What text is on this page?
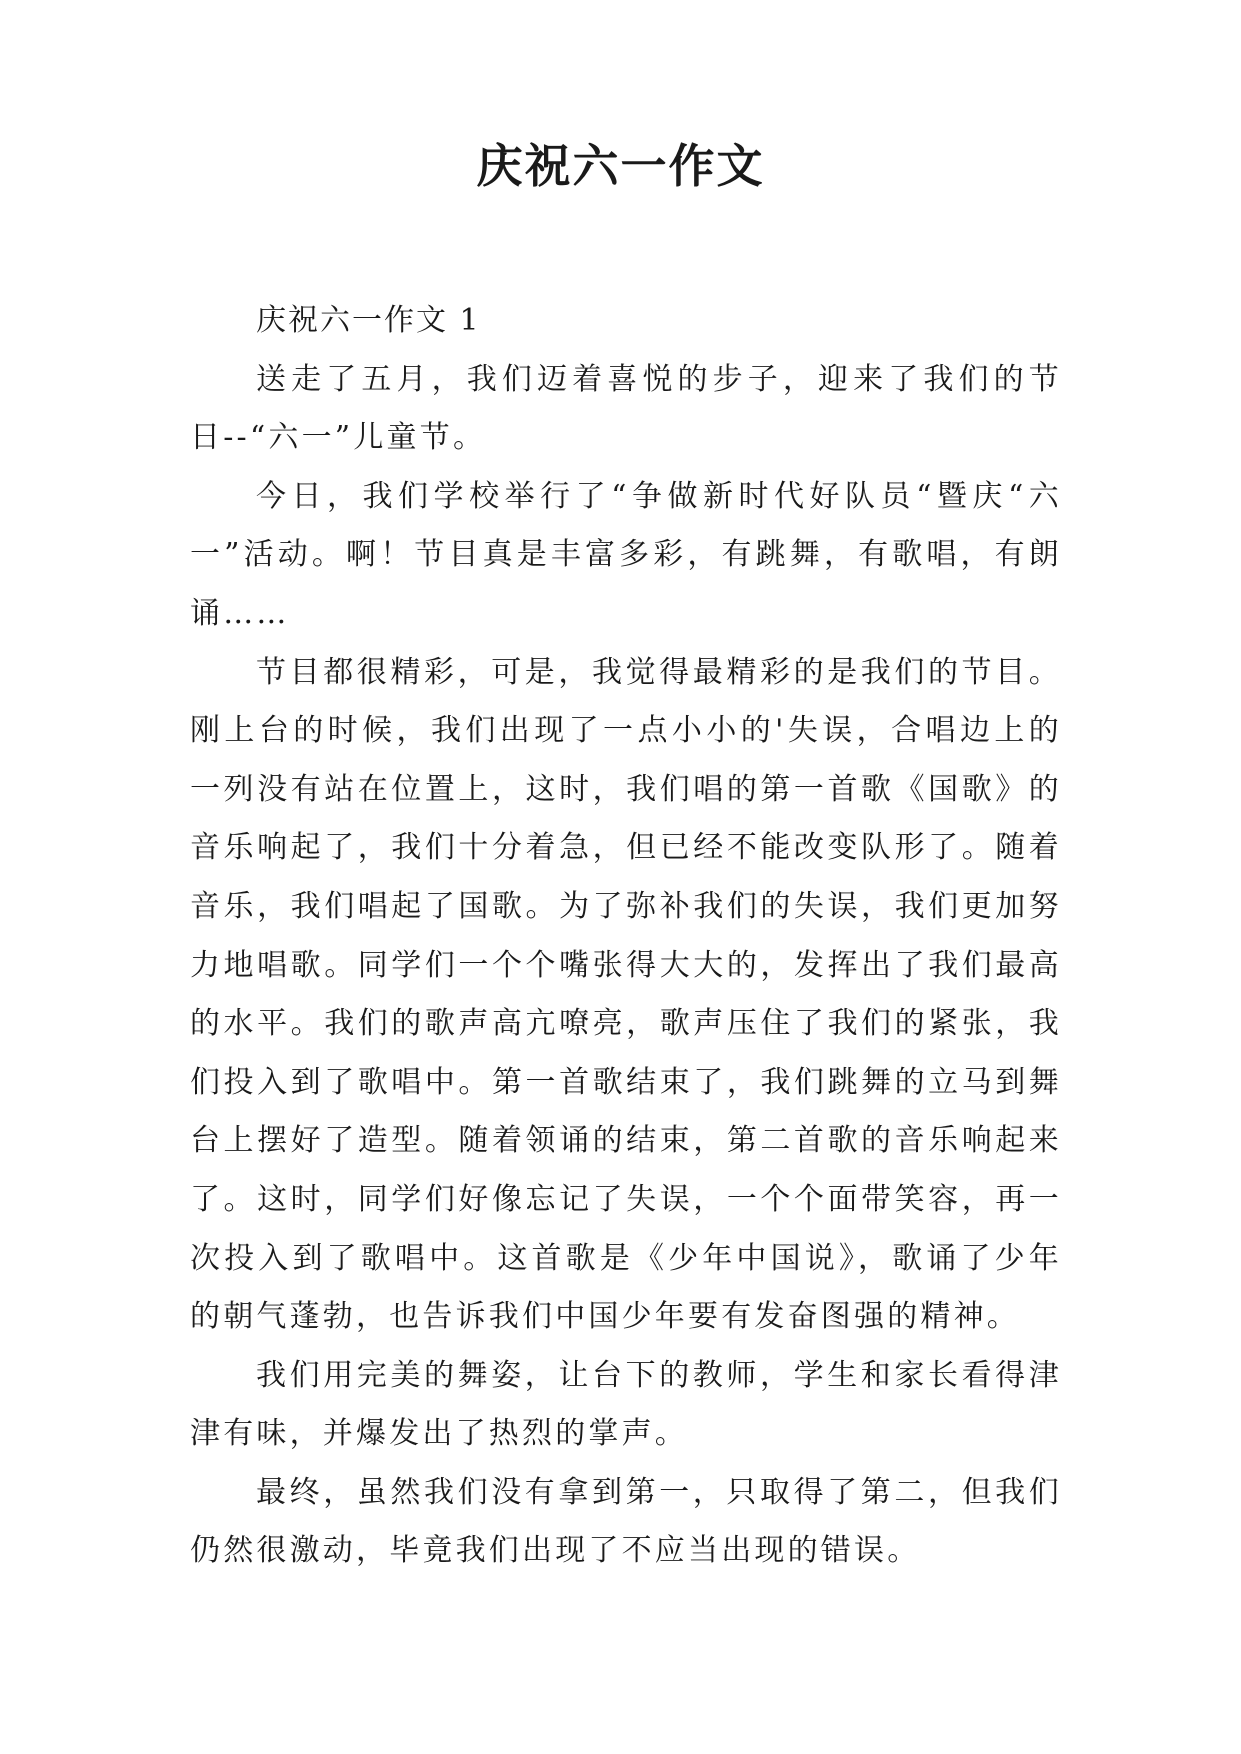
庆祝六一作文

庆祝六一作文 1

送走了五月，我们迈着喜悦的步子，迎来了我们的节日--“六一”儿童节。

今日，我们学校举行了“争做新时代好队员“暨庆“六一”活动。啊！节目真是丰富多彩，有跳舞，有歌唱，有朗诵……

节目都很精彩，可是，我觉得最精彩的是我们的节目。刚上台的时候，我们出现了一点小小的'失误，合唱边上的一列没有站在位置上，这时，我们唱的第一首歌《国歌》的音乐响起了，我们十分着急，但已经不能改变队形了。随着音乐，我们唱起了国歌。为了弥补我们的失误，我们更加努力地唱歌。同学们一个个嘴张得大大的，发挥出了我们最高的水平。我们的歌声高亢嘹亮，歌声压住了我们的紧张，我们投入到了歌唱中。第一首歌结束了，我们跳舞的立马到舞台上摆好了造型。随着领诵的结束，第二首歌的音乐响起来了。这时，同学们好像忘记了失误，一个个面带笑容，再一次投入到了歌唱中。这首歌是《少年中国说》，歌诵了少年的朝气蓬勃，也告诉我们中国少年要有发奋图强的精神。

我们用完美的舞姿，让台下的教师，学生和家长看得津津有味，并爆发出了热烈的掌声。

最终，虽然我们没有拿到第一，只取得了第二，但我们仍然很激动，毕竟我们出现了不应当出现的错误。
